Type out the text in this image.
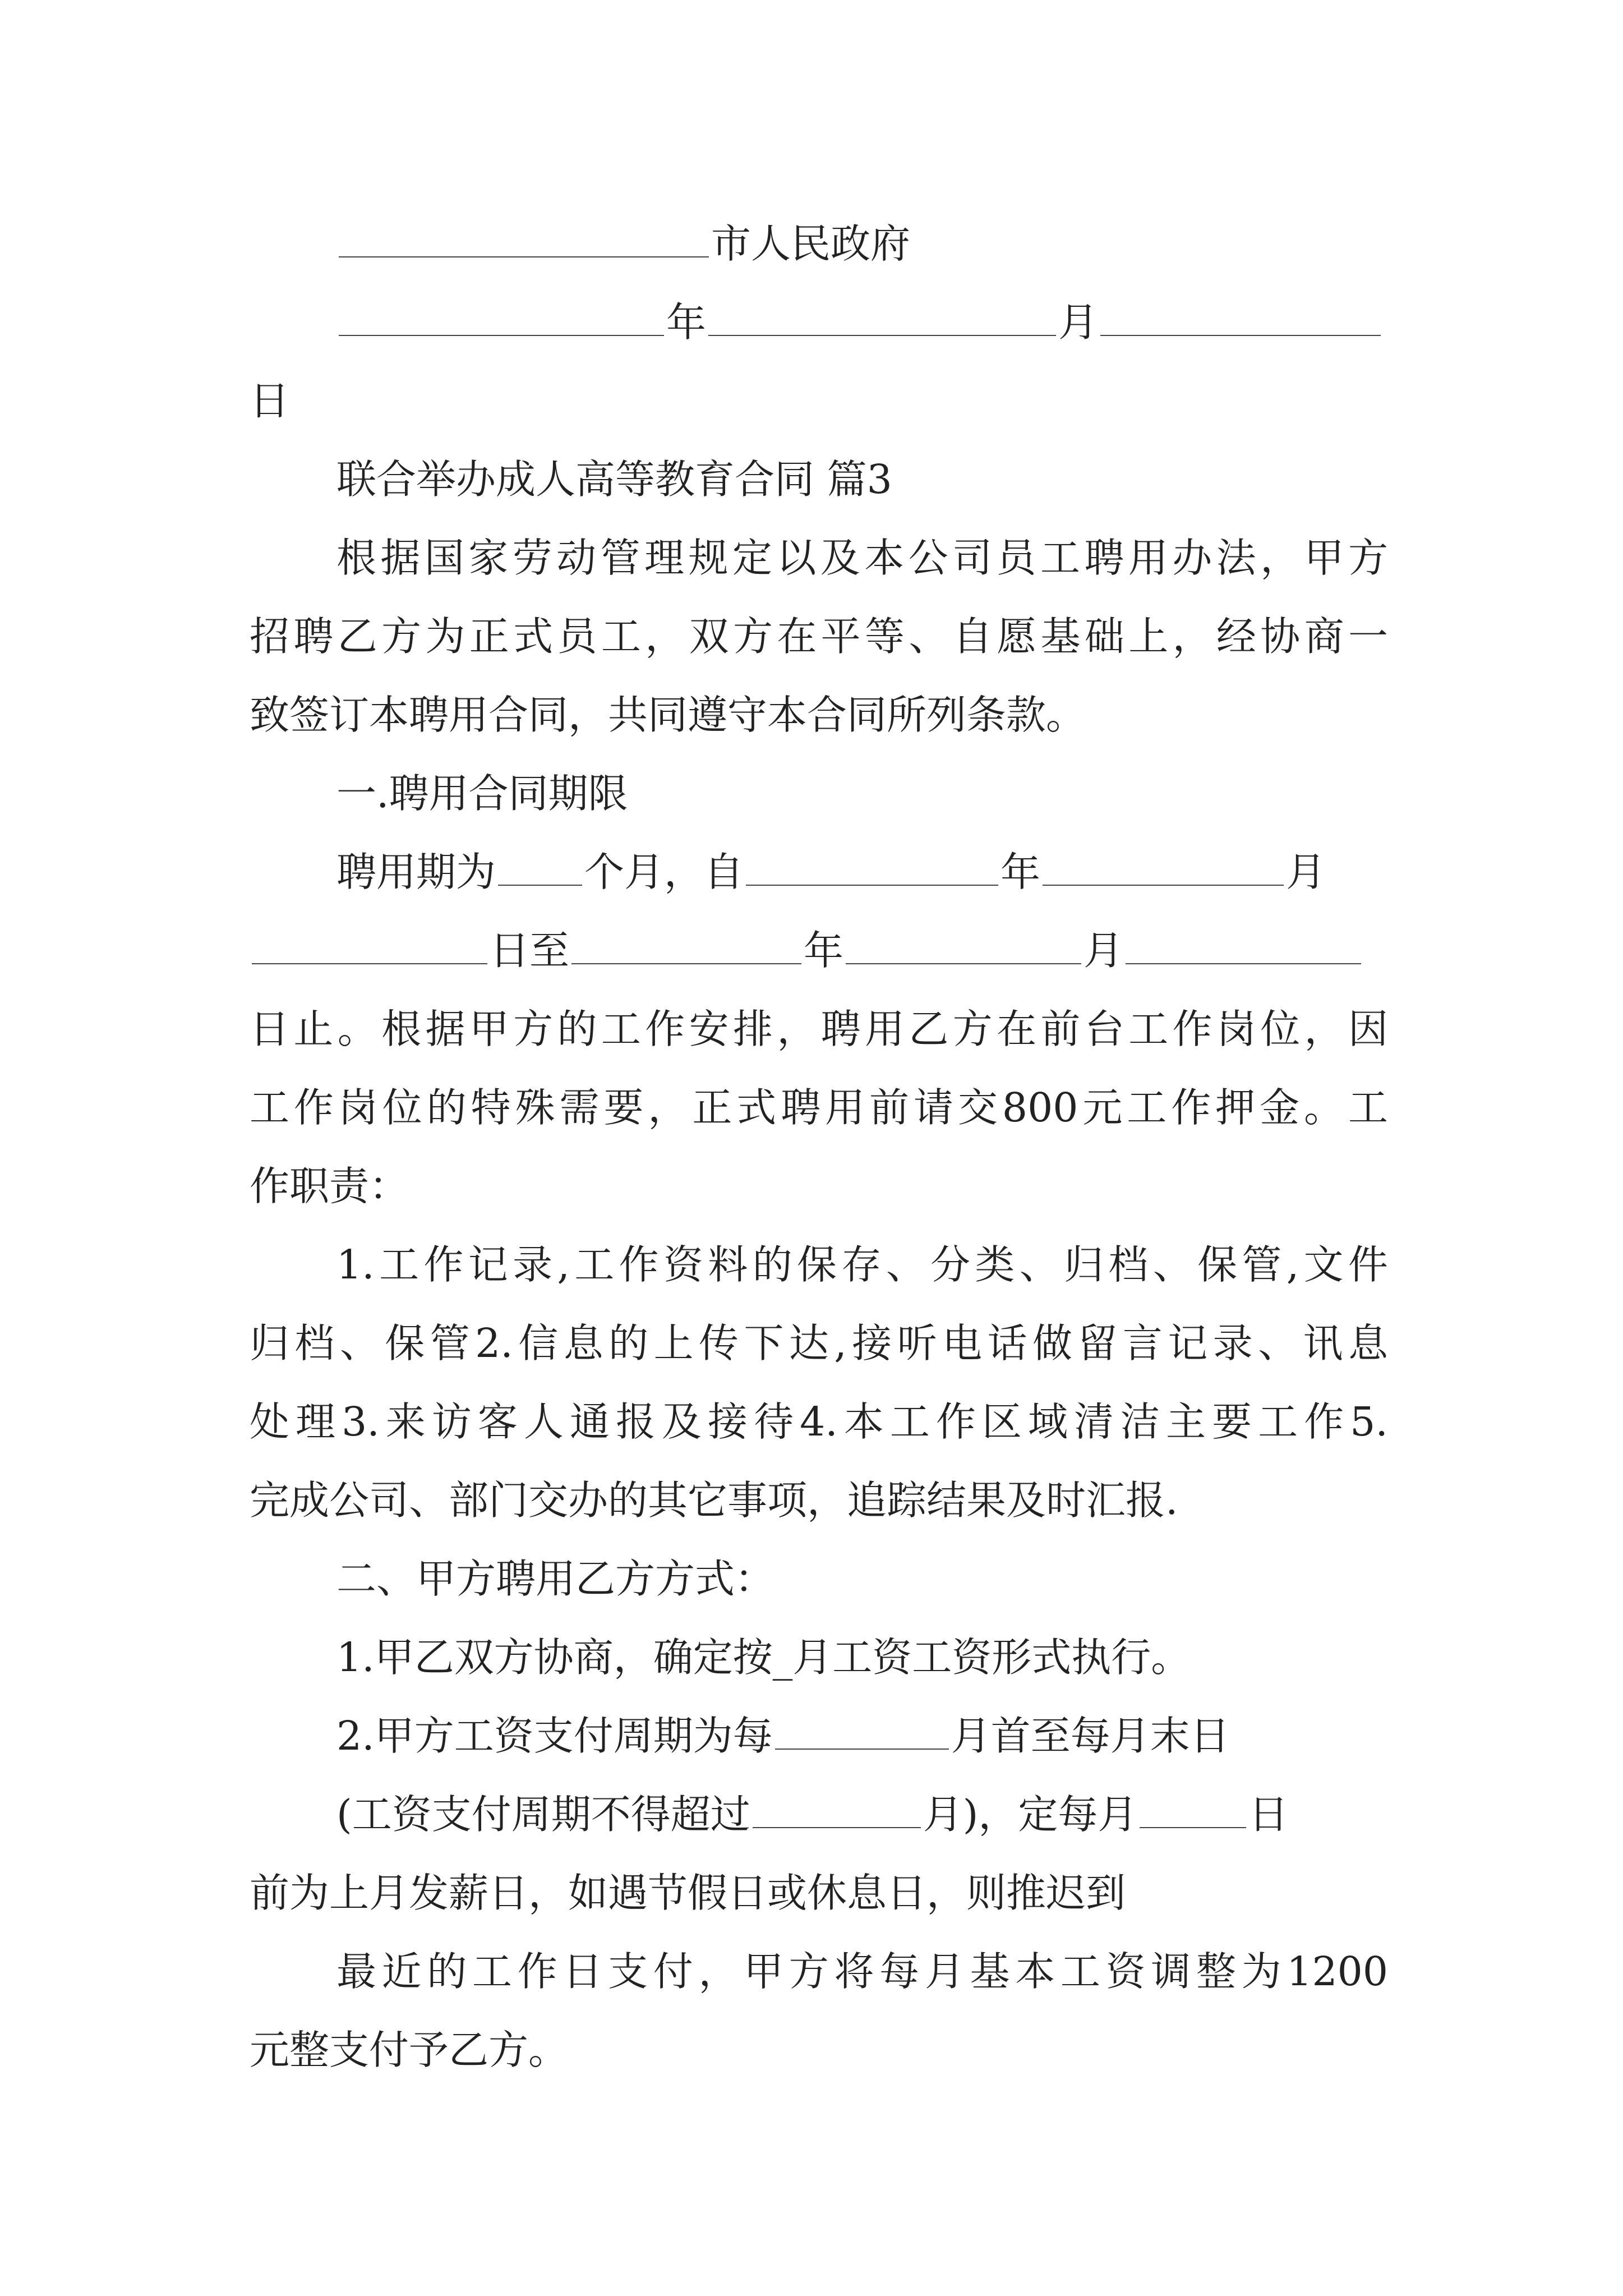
市人民政府
年	月
日
联合举办成人高等教育合同 篇3
根据国家劳动管理规定以及本公司员工聘用办法，甲方
招聘乙方为正式员工，双方在平等、自愿基础上，经协商一
致签订本聘用合同，共同遵守本合同所列条款。
一.聘用合同期限
聘用期为 个月，自	年	月
日至	年	月
日止。根据甲方的工作安排，聘用乙方在前台工作岗位，因
工作岗位的特殊需要，正式聘用前请交800元工作押金。工
作职责：
1.工作记录,工作资料的保存、分类、归档、保管,文件
归档、保管2.信息的上传下达,接听电话做留言记录、讯息
处理3.来访客人通报及接待4.本工作区域清洁主要工作5.
完成公司、部门交办的其它事项，追踪结果及时汇报.
二、甲方聘用乙方方式：
1.甲乙双方协商，确定按_月工资工资形式执行。
2.甲方工资支付周期为每	月首至每月末日
(工资支付周期不得超过	月)，定每月	日
前为上月发薪日，如遇节假日或休息日，则推迟到
最近的工作日支付，甲方将每月基本工资调整为1200
元整支付予乙方。
